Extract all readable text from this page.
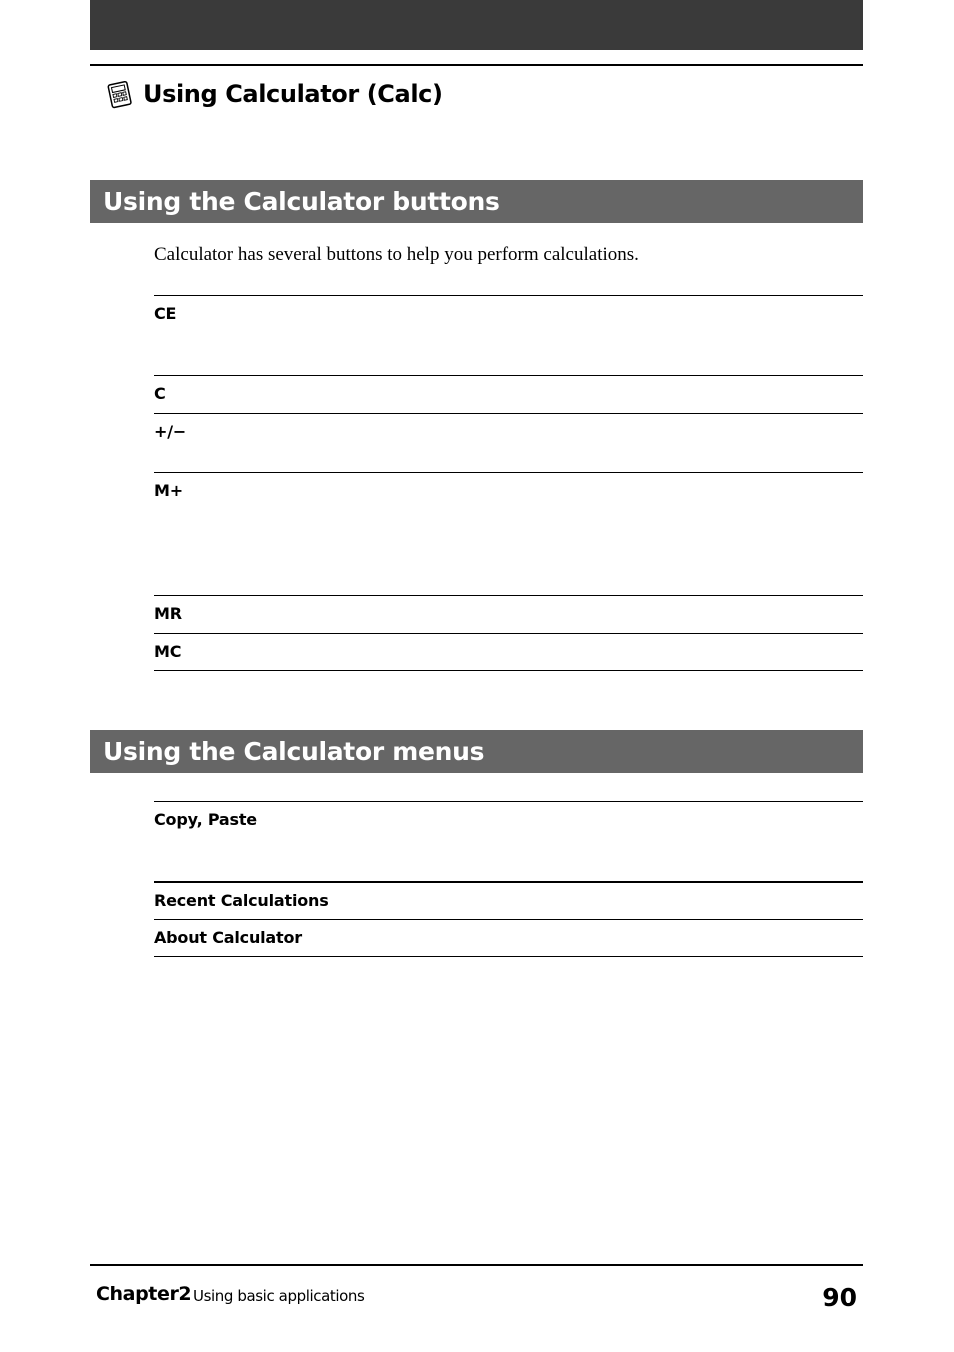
Using Calculator (Calc)
Using the Calculator buttons
Calculator has several buttons to help you perform calculations.
CE
C
+/−
M+
MR
MC
Using the Calculator menus
Copy, Paste
Recent Calculations
About Calculator
Chapter2 Using basic applications	90
